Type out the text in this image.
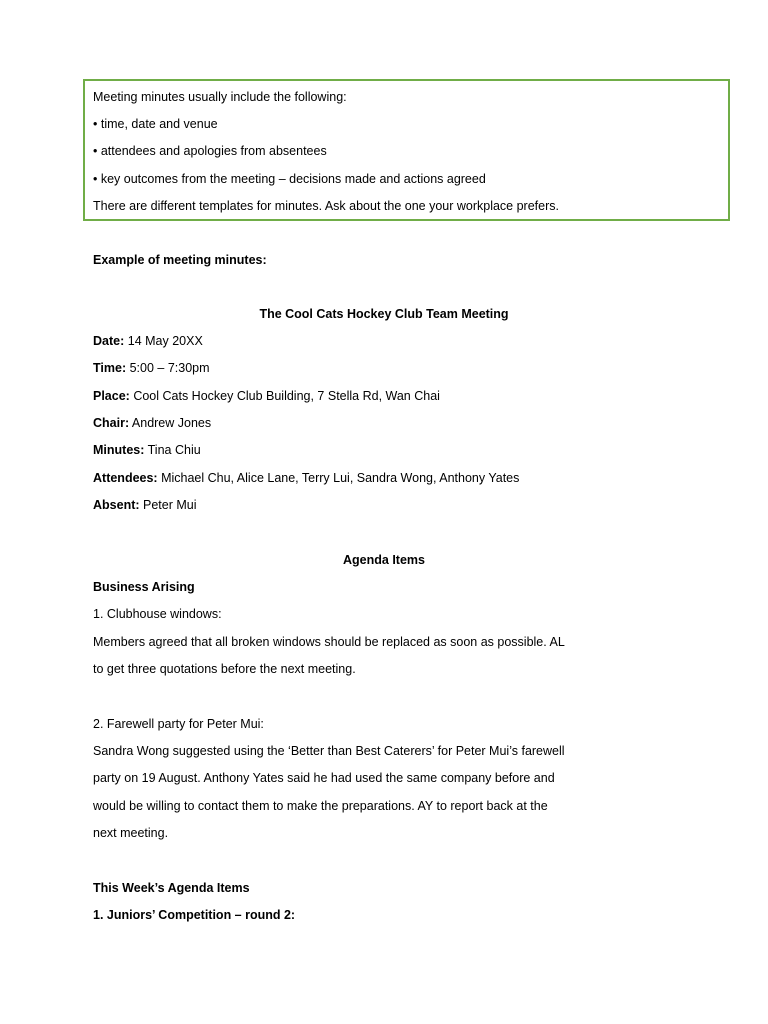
Meeting minutes usually include the following:
• time, date and venue
• attendees and apologies from absentees
• key outcomes from the meeting – decisions made and actions agreed
There are different templates for minutes. Ask about the one your workplace prefers.
Example of meeting minutes:
The Cool Cats Hockey Club Team Meeting
Date: 14 May 20XX
Time: 5:00 – 7:30pm
Place: Cool Cats Hockey Club Building, 7 Stella Rd, Wan Chai
Chair: Andrew Jones
Minutes: Tina Chiu
Attendees: Michael Chu, Alice Lane, Terry Lui, Sandra Wong, Anthony Yates
Absent: Peter Mui
Agenda Items
Business Arising
1. Clubhouse windows:
Members agreed that all broken windows should be replaced as soon as possible. AL
to get three quotations before the next meeting.
2. Farewell party for Peter Mui:
Sandra Wong suggested using the ‘Better than Best Caterers’ for Peter Mui’s farewell
party on 19 August. Anthony Yates said he had used the same company before and
would be willing to contact them to make the preparations. AY to report back at the
next meeting.
This Week’s Agenda Items
1. Juniors’ Competition – round 2:
